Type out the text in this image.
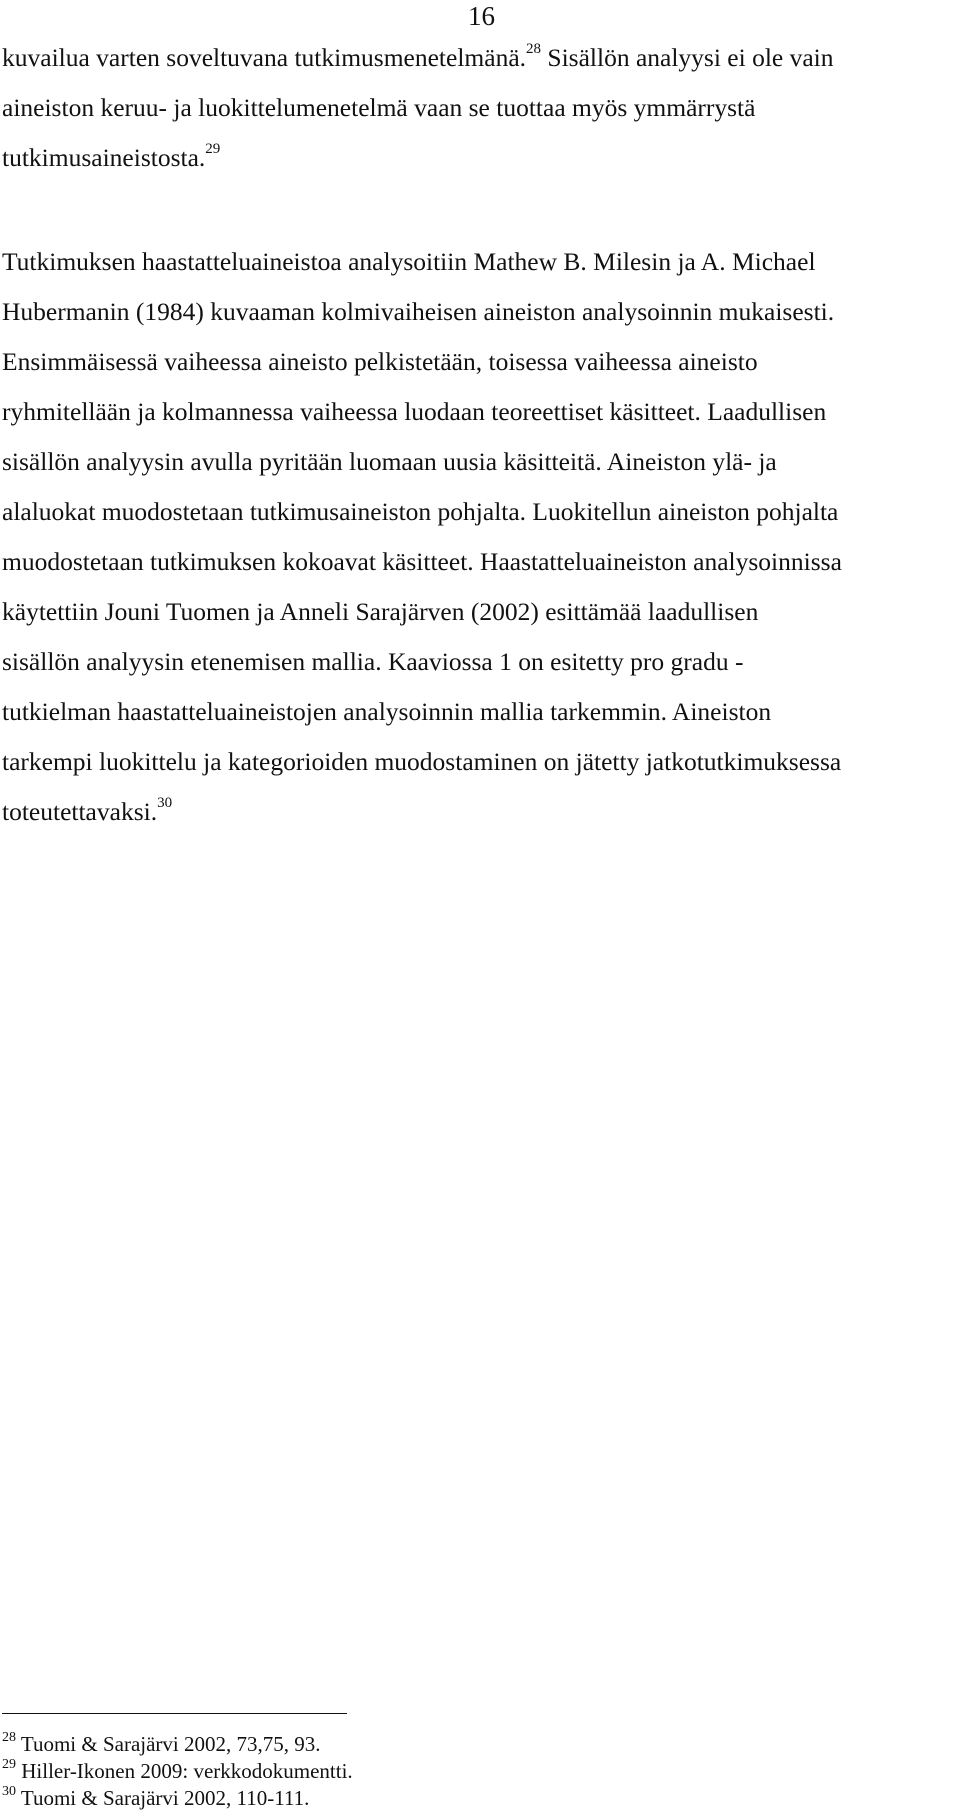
16
kuvailua varten soveltuvana tutkimusmenetelmänä.$^{28}$ Sisällön analyysi ei ole vain
aineiston keruu- ja luokittelumenetelmä vaan se tuottaa myös ymmärrystä
tutkimusaineistosta.$^{29}$
Tutkimuksen haastatteluaineistoa analysoitiin Mathew B. Milesin ja A. Michael
Hubermanin (1984) kuvaaman kolmivaiheisen aineiston analysoinnin mukaisesti.
Ensimmäisessä vaiheessa aineisto pelkistetään, toisessa vaiheessa aineisto
ryhmitellään ja kolmannessa vaiheessa luodaan teoreettiset käsitteet. Laadullisen
sisällön analyysin avulla pyritään luomaan uusia käsitteitä. Aineiston ylä- ja
alaluokat muodostetaan tutkimusaineiston pohjalta. Luokitellun aineiston pohjalta
muodostetaan tutkimuksen kokoavat käsitteet. Haastatteluaineiston analysoinnissa
käytettiin Jouni Tuomen ja Anneli Sarajärven (2002) esittämää laadullisen
sisällön analyysin etenemisen mallia. Kaaviossa 1 on esitetty pro gradu -
tutkielman haastatteluaineistojen analysoinnin mallia tarkemmin. Aineiston
tarkempi luokittelu ja kategorioiden muodostaminen on jätetty jatkotutkimuksessa
toteutettavaksi.$^{30}$
$^{28}$ Tuomi & Sarajärvi 2002, 73,75, 93.
$^{29}$ Hiller-Ikonen 2009: verkkodokumentti.
$^{30}$ Tuomi & Sarajärvi 2002, 110-111.
